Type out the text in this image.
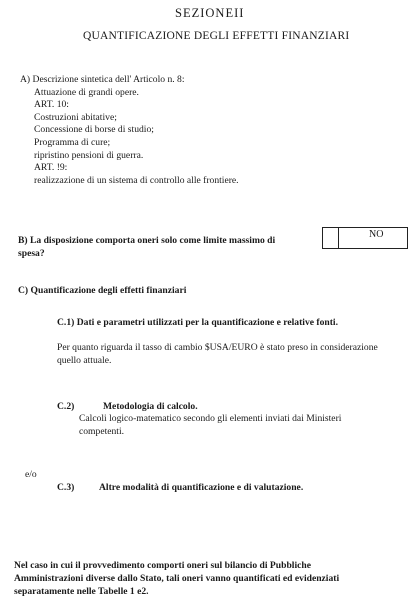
SEZIONEII
QUANTIFICAZIONE DEGLI EFFETTI FINANZIARI
A) Descrizione sintetica dell' Articolo n. 8:
Attuazione di grandi opere.
ART. 10:
Costruzioni abitative;
Concessione di borse di studio;
Programma di cure;
ripristino pensioni di guerra.
ART. !9:
realizzazione di un sistema di controllo alle frontiere.
B) La disposizione comporta oneri solo come limite massimo di
spesa?
NO
C) Quantificazione degli effetti finanziari
C.1) Dati e parametri utilizzati per la quantificazione e relative fonti.
Per quanto riguarda il tasso di cambio $USA/EURO è stato preso in considerazione
quello attuale.
C.2)	Metodologia di calcolo.
Calcoli logico-matematico secondo gli elementi inviati dai Ministeri
competenti.
e/o
C.3)	Altre modalità di quantificazione e di valutazione.
Nel caso in cui il provvedimento comporti oneri sul bilancio di Pubbliche
Amministrazioni diverse dallo Stato, tali oneri vanno quantificati ed evidenziati
separatamente nelle Tabelle 1 e2.
